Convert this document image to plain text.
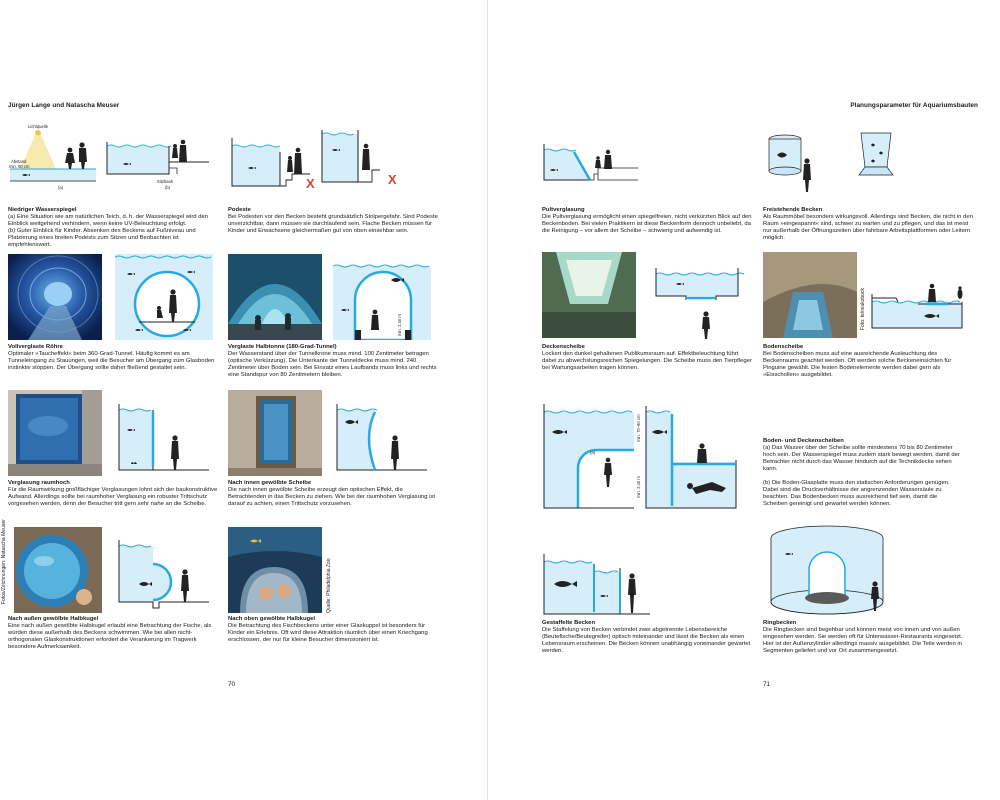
Jürgen Lange und Natascha Meuser
Lichtquelle
Abstand
min. 50 cm
(a)
Sitzbank
(b)	X	X
Niedriger Wasserspiegel

(a) Eine Situation wie am natürlichen Teich, d. h. der Wasserspiegel wird den Einblick weitgehend verhindern, wenn keine UV-Beleuchtung erfolgt.
(b) Guter Einblick für Kinder. Absenken des Beckens auf Fußniveau und Platzierung eines breiten Podests zum Sitzen und Beobachten ist empfehlenswert.

Podeste

Bei Podesten vor den Becken besteht grundsätzlich Stolpergefahr. Sind Podeste unverzichtbar, dann müssen sie durchlaufend sein. Flache Becken müssen für Kinder und Erwachsene gleichermaßen gut von oben einsehbar sein.

min. 2,40 m
Vollverglaste Röhre

Optimaler »Taucheffekt« beim 360-Grad-Tunnel. Häufig kommt es am Tunneleingang zu Stauungen, weil die Besucher am Übergang zum Glasboden instinktiv stoppen. Der Übergang sollte daher fließend gestaltet sein.

Verglaste Halbtonne (180-Grad-Tunnel)

Der Wasserstand über der Tunnelkrone muss mind. 100 Zentimeter betragen (optische Verkürzung). Die Unterkante der Tunneldecke muss mind. 240 Zentimeter über Boden sein. Bei Einsatz eines Laufbands muss links und rechts eine Standspur von 80 Zentimetern bleiben.

Verglasung raumhoch

Für die Raumwirkung großflächiger Verglasungen lohnt sich der baukonstruktive Aufwand. Allerdings sollte bei raumhoher Verglasung ein robuster Trittschutz vorgesehen werden, denn der Besucher tritt gern sehr nahe an die Scheibe.

Nach innen gewölbte Scheibe

Die nach innen gewölbte Scheibe erzeugt den optischen Effekt, die Betrachtenden in das Becken zu ziehen. Wie bei der raumhohen Verglasung ist darauf zu achten, einen Trittschutz vorzusehen.

Fotos/Zeichnungen: Natascha Meuser	Quelle: Philadelphia Zoo
Nach außen gewölbte Halbkugel

Eine nach außen gewölbte Halbkugel erlaubt eine Betrachtung der Fische, als würden diese außerhalb des Beckens schwimmen. Wie bei allen nicht-orthogonalen Glaskonstruktionen erfordert die Verankerung im Tragwerk besondere Aufmerksamkeit.

Nach oben gewölbte Halbkugel

Die Betrachtung des Fischbeckens unter einer Glaskuppel ist besonders für Kinder ein Erlebnis. Oft wird diese Attraktion räumlich über einen Kriechgang erschlossen, der nur für kleine Besucher dimensioniert ist.

70
Planungsparameter für Aquariumsbauten
Pultverglasung

Die Pultverglasung ermöglicht einen spiegelfreien, nicht verkürzten Blick auf den Beckenboden. Bei vielen Praktikern ist diese Beckenform dennoch unbeliebt, da die Reinigung – vor allem der Scheibe – schwierig und aufwendig ist.

Freistehende Becken

Als Raummöbel besonders wirkungsvoll. Allerdings sind Becken, die nicht in den Raum »eingespannt« sind, schwer zu warten und zu pflegen, und das ist meist nur außerhalb der Öffnungszeiten über fahrbare Arbeitsplattformen oder Leitern möglich.

Foto: tekniakobock
Deckenscheibe

Lockert den dunkel gehaltenen Publikumsraum auf. Effektbeleuchtung führt dabei zu abwechslungsreichen Spiegelungen. Die Scheibe muss den Tierpfleger bei Wartungsarbeiten tragen können.

Bodenscheibe

Bei Bodenscheiben muss auf eine ausreichende Ausleuchtung des Beckenraums geachtet werden. Oft werden solche Beckeneinsichten für Pinguine gewählt. Die festen Bodenelemente werden dabei gern als »Eisschollen« ausgebildet.

(a)
min. 70–90 cm
min. 2,40 m
Boden- und Deckenscheiben

(a) Das Wasser über der Scheibe sollte mindestens 70 bis 80 Zentimeter hoch sein. Der Wasserspiegel muss zudem stark bewegt werden, damit der Betrachter nicht durch das Wasser hindurch auf die Technikdecke sehen kann.

(b) Die Boden-Glasplatte muss den statischen Anforderungen genügen. Dabei sind die Druckverhältnisse der angrenzenden Wassersäule zu beachten. Das Bodenbecken muss ausreichend tief sein, damit die Scheiben gereinigt und gewartet werden können.

Gestaffelte Becken

Die Staffelung von Becken verbindet zwei abgetrennte Lebensbereiche (Beutefische/Beutegreifer) optisch miteinander und lässt die Becken als einen Lebensraum erscheinen. Die Becken können unabhängig voneinander gewartet werden.

Ringbecken

Die Ringbecken sind begehbar und können meist von innen und von außen eingesehen werden. Sie werden oft für Unterwasser-Restaurants eingesetzt. Hier ist der Außenzylinder allerdings massiv ausgebildet. Die Teile werden in Segmenten geliefert und vor Ort zusammengesetzt.

71
